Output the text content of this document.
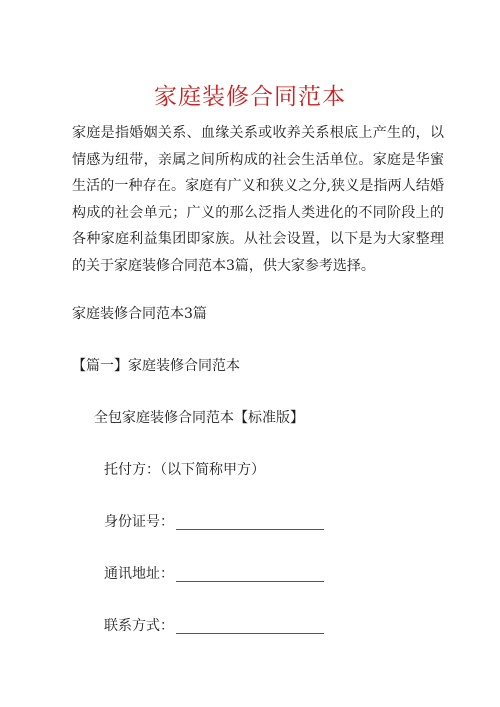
家庭装修合同范本

家庭是指婚姻关系、血缘关系或收养关系根底上产生的，以情感为纽带，亲属之间所构成的社会生活单位。家庭是华蜜生活的一种存在。家庭有广义和狭义之分,狭义是指两人结婚构成的社会单元；广义的那么泛指人类进化的不同阶段上的各种家庭利益集团即家族。从社会设置，以下是为大家整理的关于家庭装修合同范本3篇，供大家参考选择。

家庭装修合同范本3篇

【篇一】家庭装修合同范本

全包家庭装修合同范本【标准版】

托付方：（以下简称甲方）

身份证号：
通讯地址：
联系方式：
